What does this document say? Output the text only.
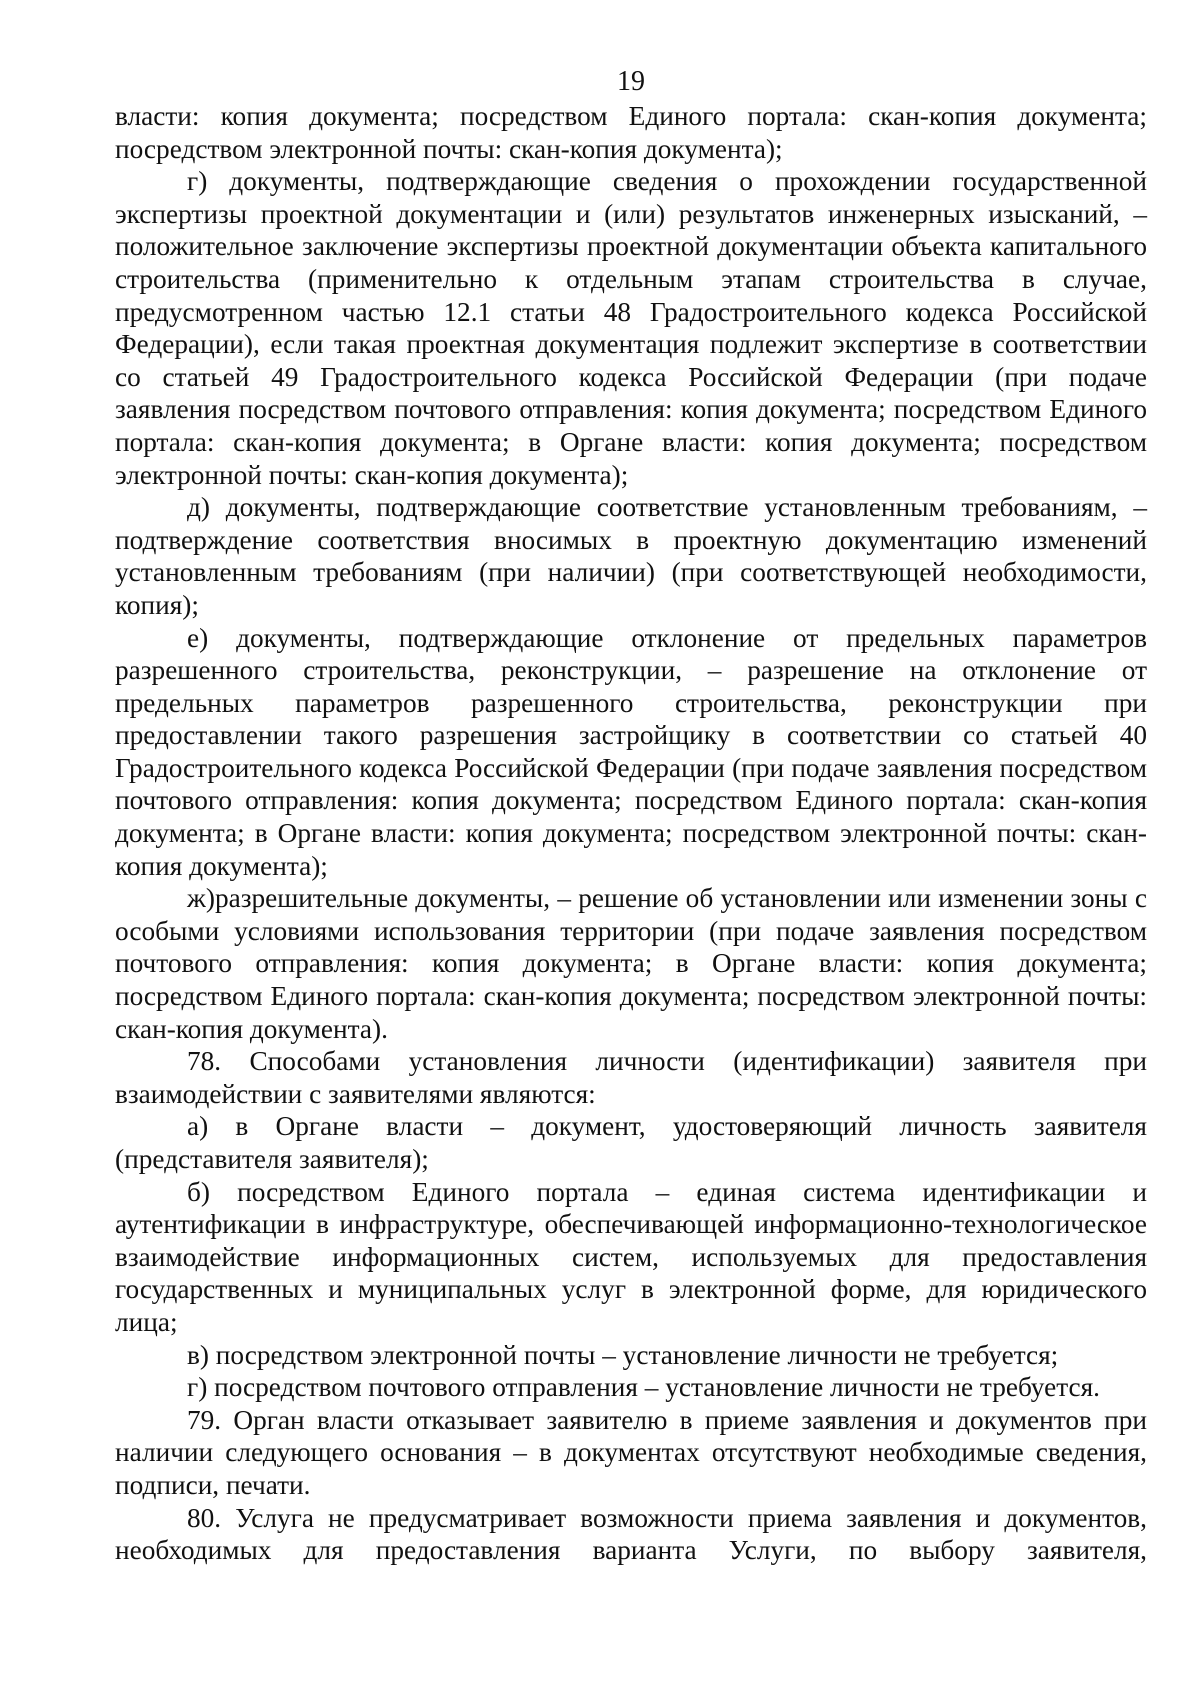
19

власти: копия документа; посредством Единого портала: скан-копия документа; посредством электронной почты: скан-копия документа);

г) документы, подтверждающие сведения о прохождении государственной экспертизы проектной документации и (или) результатов инженерных изысканий, – положительное заключение экспертизы проектной документации объекта капитального строительства (применительно к отдельным этапам строительства в случае, предусмотренном частью 12.1 статьи 48 Градостроительного кодекса Российской Федерации), если такая проектная документация подлежит экспертизе в соответствии со статьей 49 Градостроительного кодекса Российской Федерации (при подаче заявления посредством почтового отправления: копия документа; посредством Единого портала: скан-копия документа; в Органе власти: копия документа; посредством электронной почты: скан-копия документа);

д) документы, подтверждающие соответствие установленным требованиям, – подтверждение соответствия вносимых в проектную документацию изменений установленным требованиям (при наличии) (при соответствующей необходимости, копия);

е) документы, подтверждающие отклонение от предельных параметров разрешенного строительства, реконструкции, – разрешение на отклонение от предельных параметров разрешенного строительства, реконструкции при предоставлении такого разрешения застройщику в соответствии со статьей 40 Градостроительного кодекса Российской Федерации (при подаче заявления посредством почтового отправления: копия документа; посредством Единого портала: скан-копия документа; в Органе власти: копия документа; посредством электронной почты: скан-копия документа);

ж)разрешительные документы, – решение об установлении или изменении зоны с особыми условиями использования территории (при подаче заявления посредством почтового отправления: копия документа; в Органе власти: копия документа; посредством Единого портала: скан-копия документа; посредством электронной почты: скан-копия документа).

78. Способами установления личности (идентификации) заявителя при взаимодействии с заявителями являются:

а) в Органе власти – документ, удостоверяющий личность заявителя (представителя заявителя);

б) посредством Единого портала – единая система идентификации и аутентификации в инфраструктуре, обеспечивающей информационно-технологическое взаимодействие информационных систем, используемых для предоставления государственных и муниципальных услуг в электронной форме, для юридического лица;

в) посредством электронной почты – установление личности не требуется;

г) посредством почтового отправления – установление личности не требуется.

79. Орган власти отказывает заявителю в приеме заявления и документов при наличии следующего основания – в документах отсутствуют необходимые сведения, подписи, печати.

80. Услуга не предусматривает возможности приема заявления и документов, необходимых для предоставления варианта Услуги, по выбору заявителя,
